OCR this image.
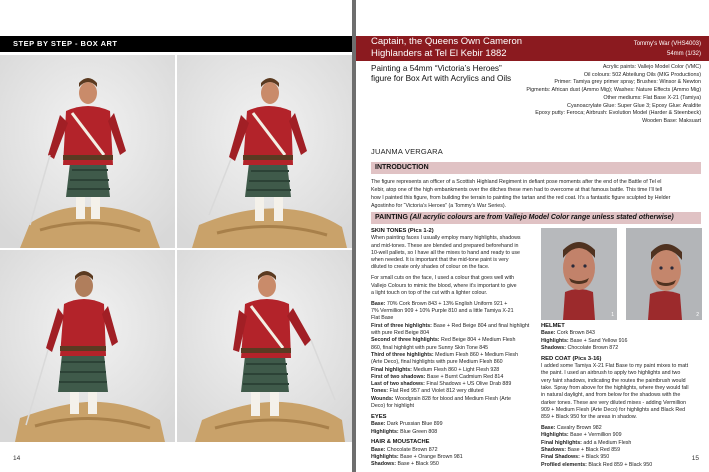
STEP BY STEP - BOX ART
14
Captain, the Queens Own Cameron
Highlanders at Tel El Kebir 1882
Tommy's War (VHS4003)
54mm (1/32)
Painting a 54mm “Victoria’s Heroes” figure for Box Art with Acrylics and Oils
Acrylic paints: Vallejo Model Color (VMC)
Oil colours: 502 Abteilung Oils (MIG Productions)
Primer: Tamiya grey primer spray; Brushes: Winsor & Newton
Pigments: African dust (Ammo Mig); Washes: Nature Effects (Ammo Mig)
Other mediums: Flat Base X-21 (Tamiya)
Cyanoacrylate Glue: Super Glue 3; Epoxy Glue: Araldite
Epoxy putty: Feroca; Airbrush: Evolution Model (Harder & Steenbeck)
Wooden Base: Maksuart
JUANMA VERGARA
INTRODUCTION
The figure represents an officer of a Scottish Highland Regiment in defiant pose moments after the end of the Battle of Tel el
Kebir, atop one of the high embankments over the ditches these men had to overcome at that famous battle. This time I’ll tell
how I painted this figure, from building the terrain to painting the tartan and the red coat. It’s a fantastic figure sculpted by Helder
Agostinho for “Victoria’s Heroes” (a Tommy’s War Series).
PAINTING (All acrylic colours are from Vallejo Model Color range unless stated otherwise)

SKIN TONES (Pics 1-2)
When painting faces I usually employ many highlights, shadows
and mid-tones. These are blended and prepared beforehand in
10-well pallets, so I have all the mixes to hand and ready to use
when needed. It is important that the mid-tone paint is very
diluted to create only shades of colour on the face.

For small cuts on the face, I used a colour that goes well with
Vallejo Colours to mimic the blood, where it’s important to give
a light touch on top of the cut with a lighter colour.

Base: 70% Cork Brown 843 + 13% English Uniform 921 +
7% Vermillion 909 + 10% Purple 810 and a little Tamiya X-21
Flat Base
First of three highlights: Base + Red Beige 804 and final highlight
with pure Red Beige 804
Second of three highlights: Red Beige 804 + Medium Flesh
860, final highlight with pure Sunny Skin Tone 845
Third of three highlights: Medium Flesh 860 + Medium Flesh
(Arte Deco), final highlights with pure Medium Flesh 860
Final highlights: Medium Flesh 860 + Light Flesh 928
First of two shadows: Base + Burnt Cadmium Red 814
Last of two shadows: Final Shadows + US Olive Drab 889
Tones: Flat Red 957 and Violet 812 very diluted
Wounds: Woodgrain 828 for blood and Medium Flesh (Arte
Deco) for highlight

EYES
Base: Dark Prussian Blue 899
Highlights: Blue Green 808

HAIR & MOUSTACHE
Base: Chocolate Brown 872
Highlights: Base + Orange Brown 981
Shadows: Base + Black 950

1	2

HELMET
Base: Cork Brown 843
Highlights: Base + Sand Yellow 916
Shadows: Chocolate Brown 872

RED COAT (Pics 3-16)
I added some Tamiya X-21 Flat Base to my paint mixes to matt
the paint. I used an airbrush to apply two highlights and two
very faint shadows, indicating the routes the paintbrush would
take. Spray from above for the highlights, where they would fall
in natural daylight, and from below for the shadows with the
darker tones. These are very diluted mixes - adding Vermillion
909 + Medium Flesh (Arte Deco) for highlights and Black Red
859 + Black 950 for the areas in shadow.

Base: Cavalry Brown 982
Highlights: Base + Vermillion 909
Final highlights: add a Medium Flesh
Shadows: Base + Black Red 859
Final Shadows: + Black 950
Profiled elements: Black Red 859 + Black 950

15
